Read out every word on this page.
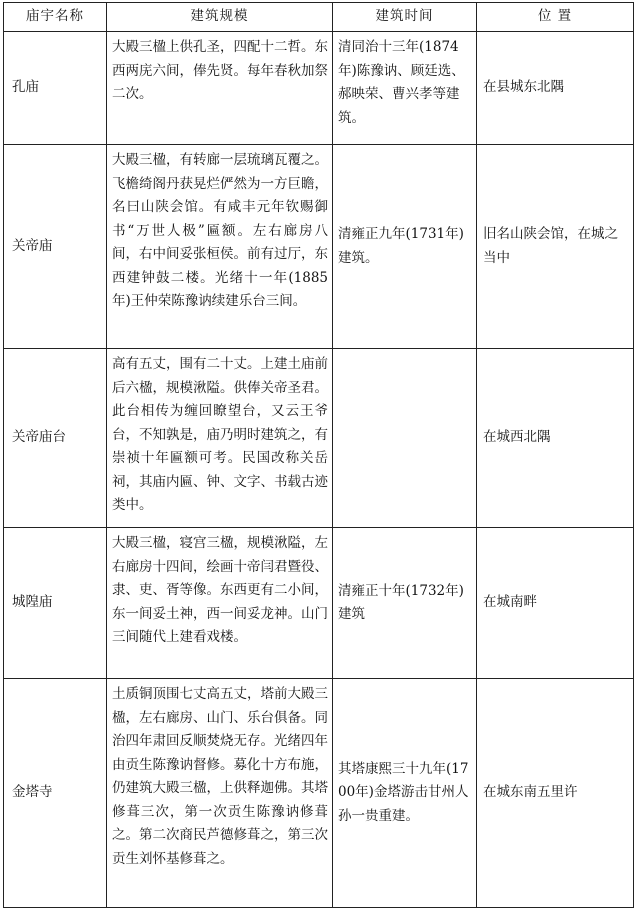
庙宇名称	建筑规模	建筑时间	位 置
孔庙	大殿三楹上供孔圣，四配十二哲。东西两庑六间，俸先贤。每年春秋加祭二次。	清同治十三年(1874年)陈豫讷、顾廷选、郝映荣、曹兴孝等建筑。	在县城东北隅
关帝庙	大殿三楹，有转廊一层琉璃瓦覆之。飞檐绮阁丹获晃烂俨然为一方巨瞻，名曰山陕会馆。有咸丰元年钦赐御书“万世人极”匾额。左右廊房八间，右中间妥张桓侯。前有过厅，东西建钟鼓二楼。光绪十一年(1885年)王仲荣陈豫讷续建乐台三间。	清雍正九年(1731年)建筑。	旧名山陕会馆，在城之当中
关帝庙台	高有五丈，围有二十丈。上建土庙前后六楹，规模湫隘。供俸关帝圣君。此台相传为缠回瞭望台，又云王爷台，不知孰是，庙乃明时建筑之，有崇祯十年匾额可考。民国改称关岳祠，其庙内匾、钟、文字、书载古迹类中。		在城西北隅
城隍庙	大殿三楹，寝宫三楹，规模湫隘，左右廊房十四间，绘画十帝闫君暨役、隶、吏、胥等像。东西更有二小间，东一间妥土神，西一间妥龙神。山门三间随代上建看戏楼。	清雍正十年(1732年)建筑	在城南畔
金塔寺	土质铜顶围七丈高五丈，塔前大殿三楹，左右廊房、山门、乐台俱备。同治四年肃回反顺焚烧无存。光绪四年由贡生陈豫讷督修。募化十方布施，仍建筑大殿三楹，上供释迦佛。其塔修葺三次，第一次贡生陈豫讷修葺之。第二次商民芦德修葺之，第三次贡生刘怀基修葺之。	其塔康熙三十九年(1700年)金塔游击甘州人孙一贵重建。	在城东南五里许
